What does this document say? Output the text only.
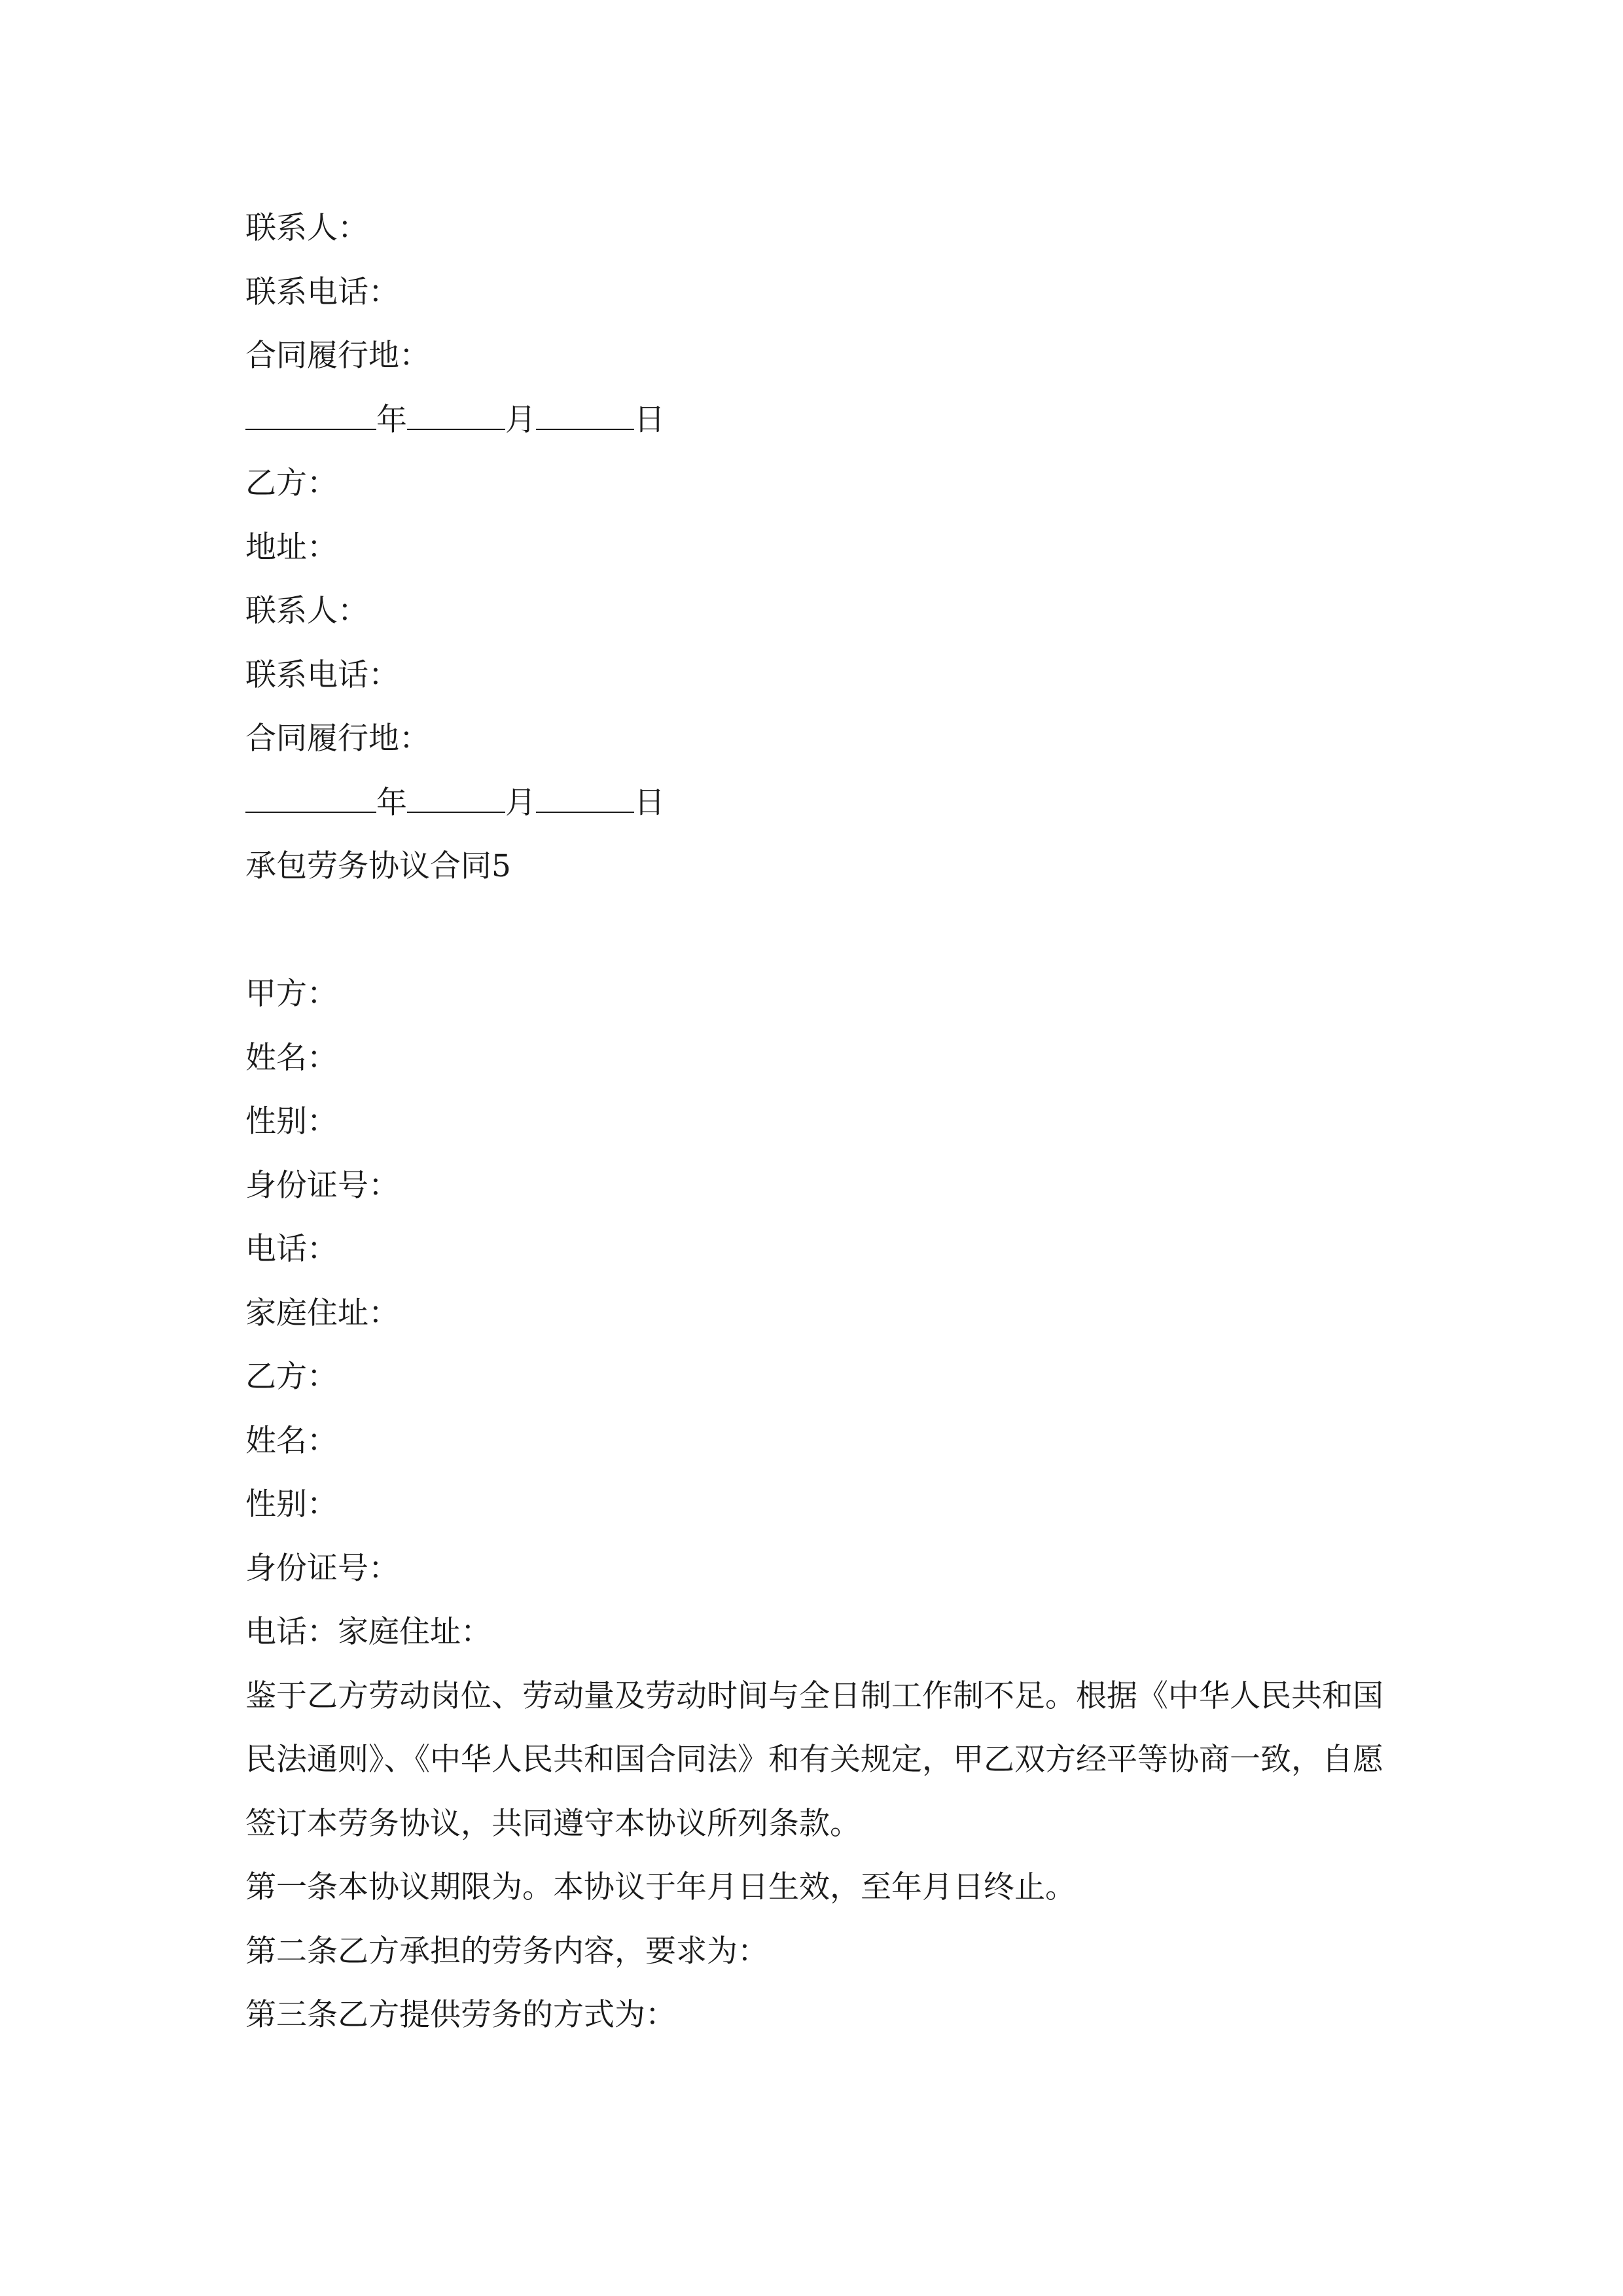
联系人：
联系电话：
合同履行地：
年	月	日
乙方：
地址：
联系人：
联系电话：
合同履行地：
年	月	日
承包劳务协议合同5
甲方：
姓名：
性别：
身份证号：
电话：
家庭住址：
乙方：
姓名：
性别：
身份证号：
电话：家庭住址：
鉴于乙方劳动岗位、劳动量及劳动时间与全日制工作制不足。根据《中华人民共和国民法通则》、《中华人民共和国合同法》和有关规定，甲乙双方经平等协商一致，自愿签订本劳务协议，共同遵守本协议所列条款。
第一条本协议期限为。本协议于年月日生效，至年月日终止。
第二条乙方承担的劳务内容，要求为：
第三条乙方提供劳务的方式为：
